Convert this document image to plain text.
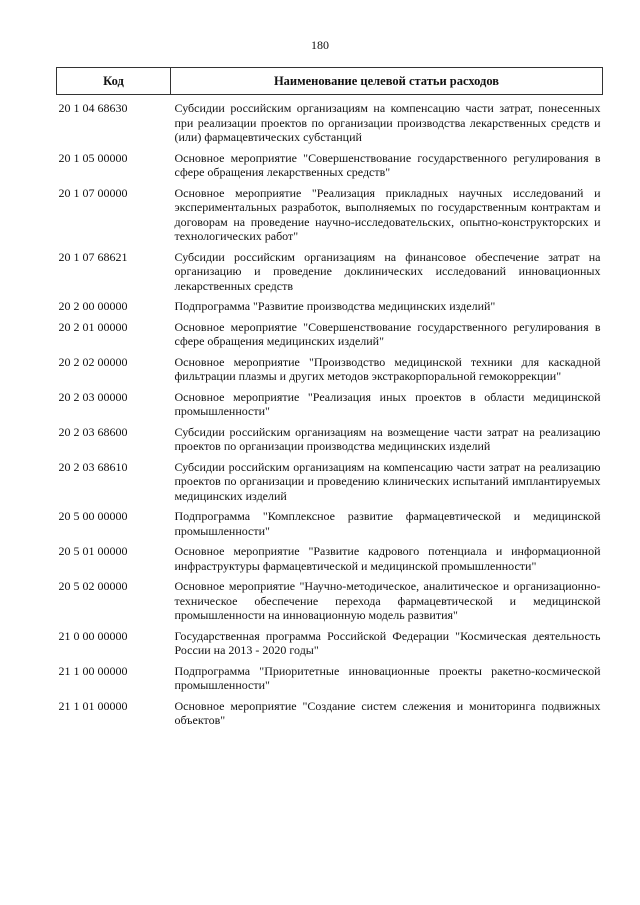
180
Код	Наименование целевой статьи расходов
20 1 04 68630	Субсидии российским организациям на компенсацию части затрат, понесенных при реализации проектов по организации производства лекарственных средств и (или) фармацевтических субстанций
20 1 05 00000	Основное мероприятие "Совершенствование государственного регулирования в сфере обращения лекарственных средств"
20 1 07 00000	Основное мероприятие "Реализация прикладных научных исследований и экспериментальных разработок, выполняемых по государственным контрактам и договорам на проведение научно-исследовательских, опытно-конструкторских и технологических работ"
20 1 07 68621	Субсидии российским организациям на финансовое обеспечение затрат на организацию и проведение доклинических исследований инновационных лекарственных средств
20 2 00 00000	Подпрограмма "Развитие производства медицинских изделий"
20 2 01 00000	Основное мероприятие "Совершенствование государственного регулирования в сфере обращения медицинских изделий"
20 2 02 00000	Основное мероприятие "Производство медицинской техники для каскадной фильтрации плазмы и других методов экстракорпоральной гемокоррекции"
20 2 03 00000	Основное мероприятие "Реализация иных проектов в области медицинской промышленности"
20 2 03 68600	Субсидии российским организациям на возмещение части затрат на реализацию проектов по организации производства медицинских изделий
20 2 03 68610	Субсидии российским организациям на компенсацию части затрат на реализацию проектов по организации и проведению клинических испытаний имплантируемых медицинских изделий
20 5 00 00000	Подпрограмма "Комплексное развитие фармацевтической и медицинской промышленности"
20 5 01 00000	Основное мероприятие "Развитие кадрового потенциала и информационной инфраструктуры фармацевтической и медицинской промышленности"
20 5 02 00000	Основное мероприятие "Научно-методическое, аналитическое и организационно-техническое обеспечение перехода фармацевтической и медицинской промышленности на инновационную модель развития"
21 0 00 00000	Государственная программа Российской Федерации "Космическая деятельность России на 2013 - 2020 годы"
21 1 00 00000	Подпрограмма "Приоритетные инновационные проекты ракетно-космической промышленности"
21 1 01 00000	Основное мероприятие "Создание систем слежения и мониторинга подвижных объектов"
